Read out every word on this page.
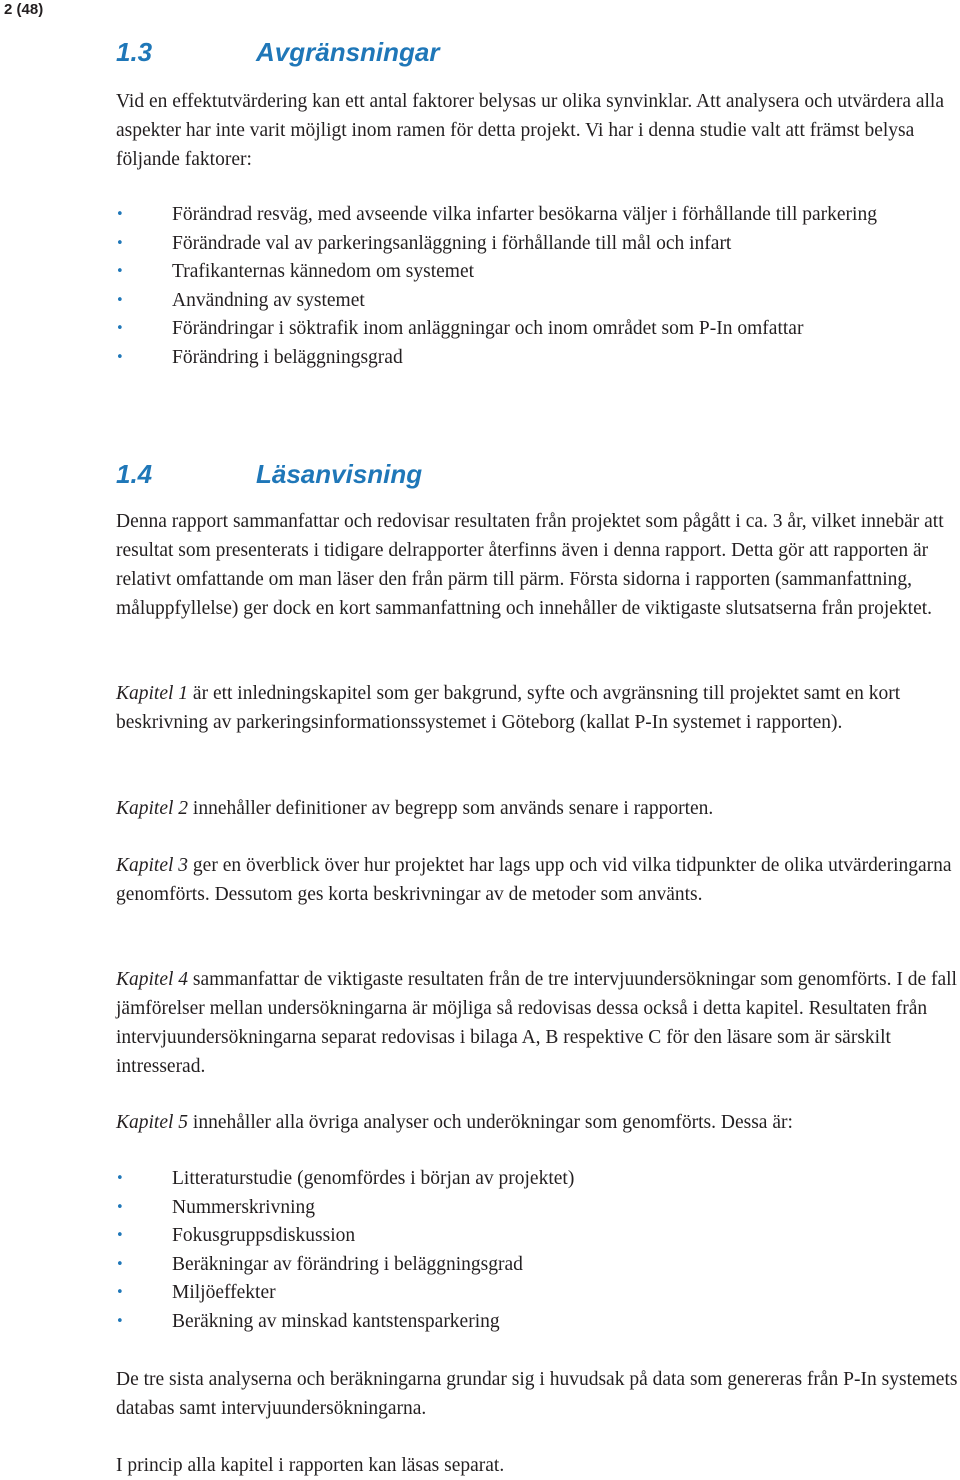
2 (48)
1.3	Avgränsningar

Vid en effektutvärdering kan ett antal faktorer belysas ur olika synvinklar. Att analysera och utvärdera alla aspekter har inte varit möjligt inom ramen för detta projekt. Vi har i denna studie valt att främst belysa följande faktorer:

• Förändrad resväg, med avseende vilka infarter besökarna väljer i förhållande till parkering
• Förändrade val av parkeringsanläggning i förhållande till mål och infart
• Trafikanternas kännedom om systemet
• Användning av systemet
• Förändringar i söktrafik inom anläggningar och inom området som P-In omfattar
• Förändring i beläggningsgrad
1.4	Läsanvisning

Denna rapport sammanfattar och redovisar resultaten från projektet som pågått i ca. 3 år, vilket innebär att resultat som presenterats i tidigare delrapporter återfinns även i denna rapport. Detta gör att rapporten är relativt omfattande om man läser den från pärm till pärm. Första sidorna i rapporten (sammanfattning, måluppfyllelse) ger dock en kort sammanfattning och innehåller de viktigaste slutsatserna från projektet.

Kapitel 1 är ett inledningskapitel som ger bakgrund, syfte och avgränsning till projektet samt en kort beskrivning av parkeringsinformationssystemet i Göteborg (kallat P-In systemet i rapporten).

Kapitel 2 innehåller definitioner av begrepp som används senare i rapporten.

Kapitel 3 ger en överblick över hur projektet har lags upp och vid vilka tidpunkter de olika utvärderingarna genomförts. Dessutom ges korta beskrivningar av de metoder som använts.

Kapitel 4 sammanfattar de viktigaste resultaten från de tre intervjuundersökningar som genomförts. I de fall jämförelser mellan undersökningarna är möjliga så redovisas dessa också i detta kapitel. Resultaten från intervjuundersökningarna separat redovisas i bilaga A, B respektive C för den läsare som är särskilt intresserad.

Kapitel 5 innehåller alla övriga analyser och underökningar som genomförts. Dessa är:

• Litteraturstudie (genomfördes i början av projektet)
• Nummerskrivning
• Fokusgruppsdiskussion
• Beräkningar av förändring i beläggningsgrad
• Miljöeffekter
• Beräkning av minskad kantstensparkering

De tre sista analyserna och beräkningarna grundar sig i huvudsak på data som genereras från P-In systemets databas samt intervjuundersökningarna.

I princip alla kapitel i rapporten kan läsas separat.
